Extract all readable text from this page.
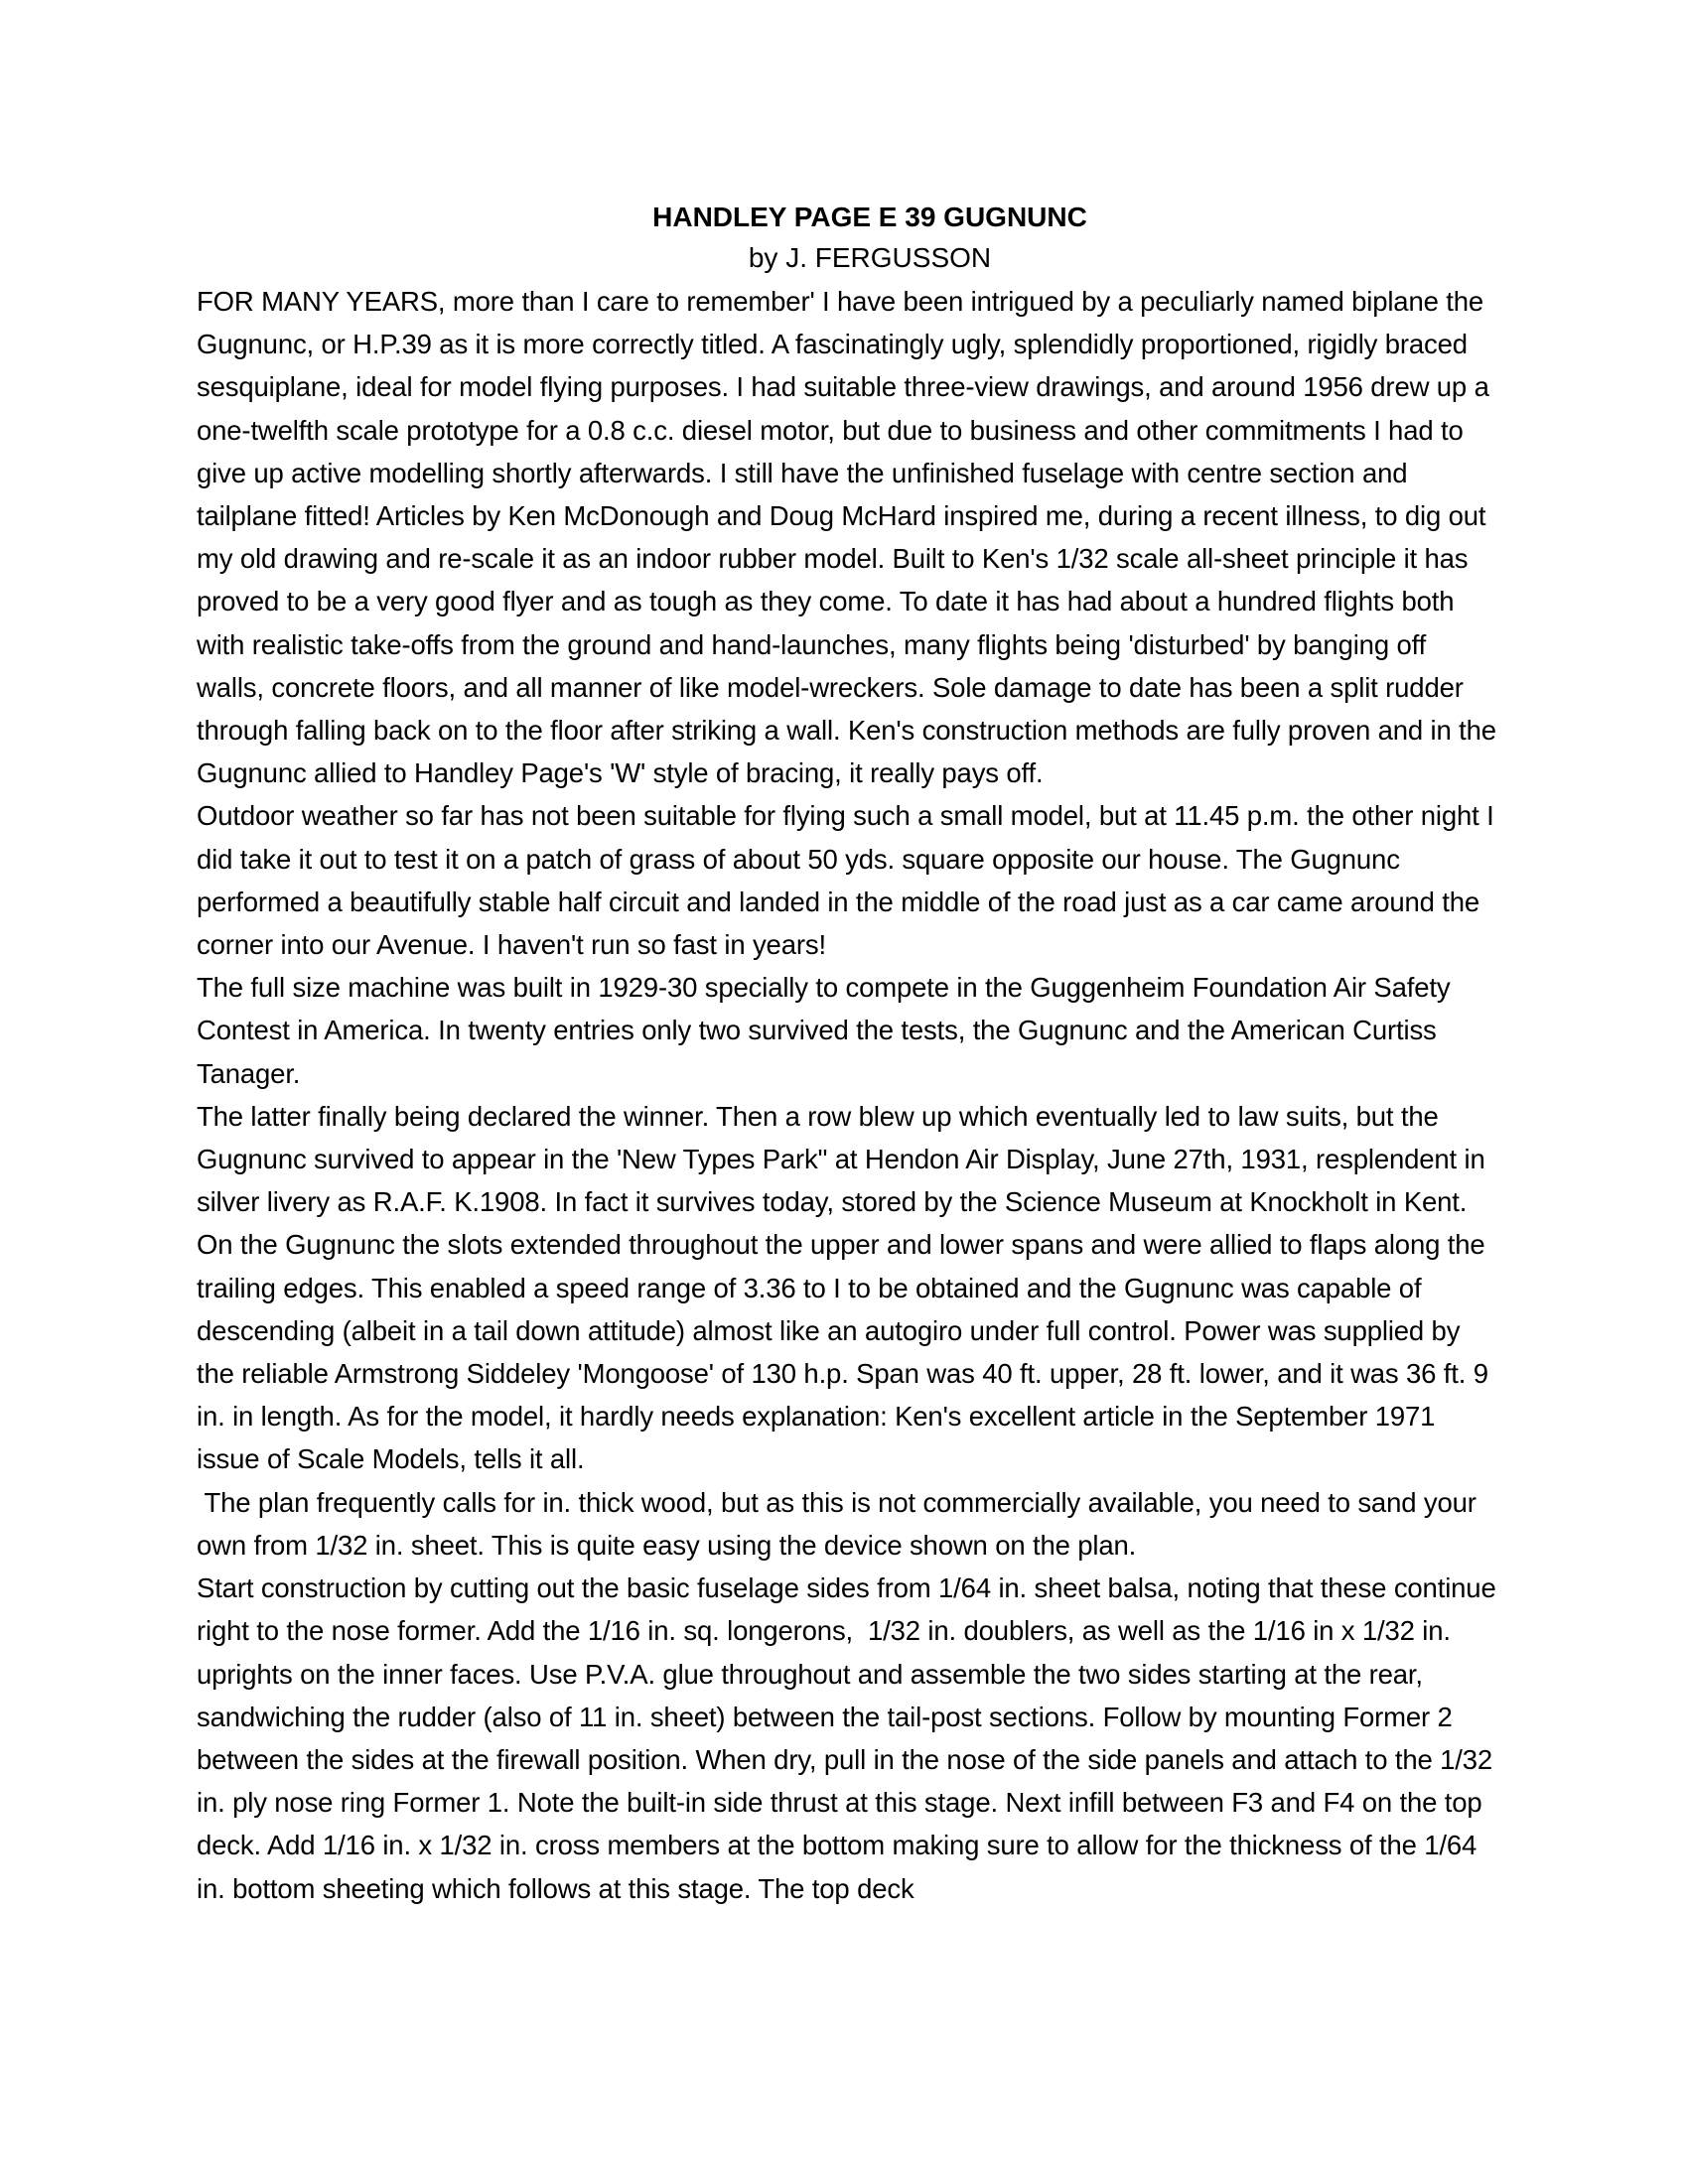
HANDLEY PAGE E 39 GUGNUNC

by J. FERGUSSON

FOR MANY YEARS, more than I care to remember' I have been intrigued by a peculiarly named biplane the Gugnunc, or H.P.39 as it is more correctly titled. A fascinatingly ugly, splendidly proportioned, rigidly braced sesquiplane, ideal for model flying purposes. I had suitable three-view drawings, and around 1956 drew up a one-twelfth scale prototype for a 0.8 c.c. diesel motor, but due to business and other commitments I had to give up active modelling shortly afterwards. I still have the unfinished fuselage with centre section and tailplane fitted! Articles by Ken McDonough and Doug McHard inspired me, during a recent illness, to dig out my old drawing and re-scale it as an indoor rubber model. Built to Ken's 1/32 scale all-sheet principle it has proved to be a very good flyer and as tough as they come. To date it has had about a hundred flights both with realistic take-offs from the ground and hand-launches, many flights being 'disturbed' by banging off walls, concrete floors, and all manner of like model-wreckers. Sole damage to date has been a split rudder through falling back on to the floor after striking a wall. Ken's construction methods are fully proven and in the Gugnunc allied to Handley Page's 'W' style of bracing, it really pays off.

Outdoor weather so far has not been suitable for flying such a small model, but at 11.45 p.m. the other night I did take it out to test it on a patch of grass of about 50 yds. square opposite our house. The Gugnunc performed a beautifully stable half circuit and landed in the middle of the road just as a car came around the corner into our Avenue. I haven't run so fast in years!

The full size machine was built in 1929-30 specially to compete in the Guggenheim Foundation Air Safety Contest in America. In twenty entries only two survived the tests, the Gugnunc and the American Curtiss Tanager.

The latter finally being declared the winner. Then a row blew up which eventually led to law suits, but the Gugnunc survived to appear in the 'New Types Park" at Hendon Air Display, June 27th, 1931, resplendent in silver livery as R.A.F. K.1908. In fact it survives today, stored by the Science Museum at Knockholt in Kent. On the Gugnunc the slots extended throughout the upper and lower spans and were allied to flaps along the trailing edges. This enabled a speed range of 3.36 to I to be obtained and the Gugnunc was capable of descending (albeit in a tail down attitude) almost like an autogiro under full control. Power was supplied by the reliable Armstrong Siddeley 'Mongoose' of 130 h.p. Span was 40 ft. upper, 28 ft. lower, and it was 36 ft. 9 in. in length. As for the model, it hardly needs explanation: Ken's excellent article in the September 1971 issue of Scale Models, tells it all.

The plan frequently calls for in. thick wood, but as this is not commercially available, you need to sand your own from 1/32 in. sheet. This is quite easy using the device shown on the plan.

Start construction by cutting out the basic fuselage sides from 1/64 in. sheet balsa, noting that these continue right to the nose former. Add the 1/16 in. sq. longerons,  1/32 in. doublers, as well as the 1/16 in x 1/32 in. uprights on the inner faces. Use P.V.A. glue throughout and assemble the two sides starting at the rear, sandwiching the rudder (also of 11 in. sheet) between the tail-post sections. Follow by mounting Former 2 between the sides at the firewall position. When dry, pull in the nose of the side panels and attach to the 1/32 in. ply nose ring Former 1. Note the built-in side thrust at this stage. Next infill between F3 and F4 on the top deck. Add 1/16 in. x 1/32 in. cross members at the bottom making sure to allow for the thickness of the 1/64 in. bottom sheeting which follows at this stage. The top deck
